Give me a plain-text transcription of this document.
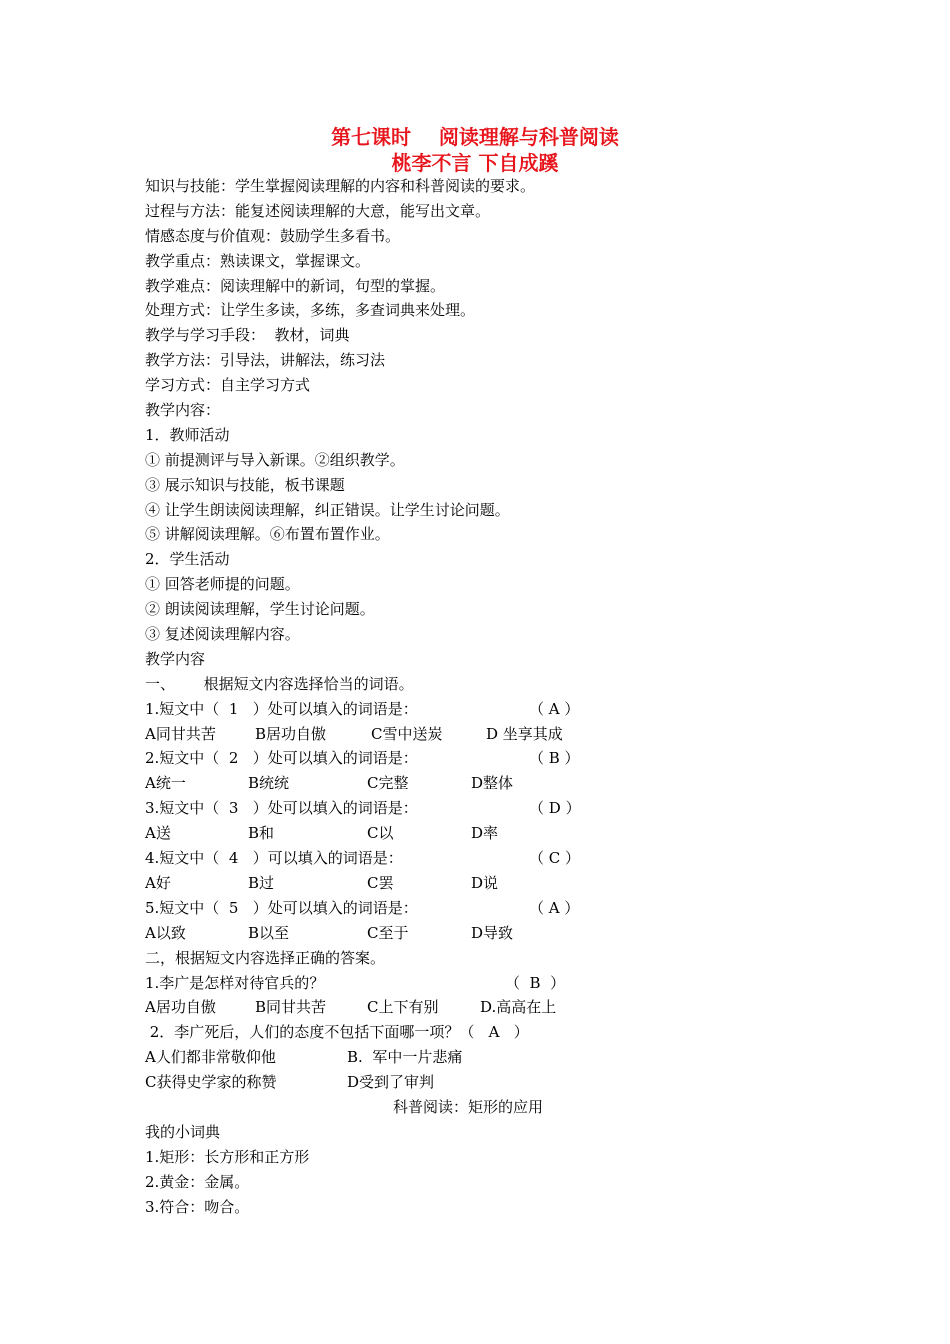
第七课时    阅读理解与科普阅读
桃李不言 下自成蹊
知识与技能：学生掌握阅读理解的内容和科普阅读的要求。
过程与方法：能复述阅读理解的大意，能写出文章。
情感态度与价值观：鼓励学生多看书。
教学重点：熟读课文，掌握课文。
教学难点：阅读理解中的新词，句型的掌握。
处理方式：让学生多读，多练，多查词典来处理。
教学与学习手段：  教材，词典
教学方法：引导法，讲解法，练习法
学习方式：自主学习方式
教学内容：
1．教师活动
① 前提测评与导入新课。②组织教学。
③ 展示知识与技能，板书课题
④ 让学生朗读阅读理解，纠正错误。让学生讨论问题。
⑤ 讲解阅读理解。⑥布置布置作业。
2．学生活动
① 回答老师提的问题。
② 朗读阅读理解，学生讨论问题。
③ 复述阅读理解内容。
教学内容
一、      根据短文内容选择恰当的词语。
1.短文中（  1   ）处可以填入的词语是：	（ A ）
A同甘共苦	B居功自傲	C雪中送炭	D 坐享其成
2.短文中（  2   ）处可以填入的词语是：	（ B ）
A统一	B统统	C完整	D整体
3.短文中（  3   ）处可以填入的词语是：	（ D ）
A送	B和	C以	D率
4.短文中（  4   ）可以填入的词语是：	（ C ）
A好	B过	C罢	D说
5.短文中（  5   ）处可以填入的词语是：	（ A ）
A以致	B以至	C至于	D导致
二，根据短文内容选择正确的答案。
1.李广是怎样对待官兵的？	（  B  ）
A居功自傲	B同甘共苦	C上下有别	D.高高在上
2．李广死后，人们的态度不包括下面哪一项？（   A   ）
A人们都非常敬仰他	B.  军中一片悲痛
C获得史学家的称赞	D受到了审判
科普阅读：矩形的应用
我的小词典
1.矩形：长方形和正方形
2.黄金：金属。
3.符合：吻合。
